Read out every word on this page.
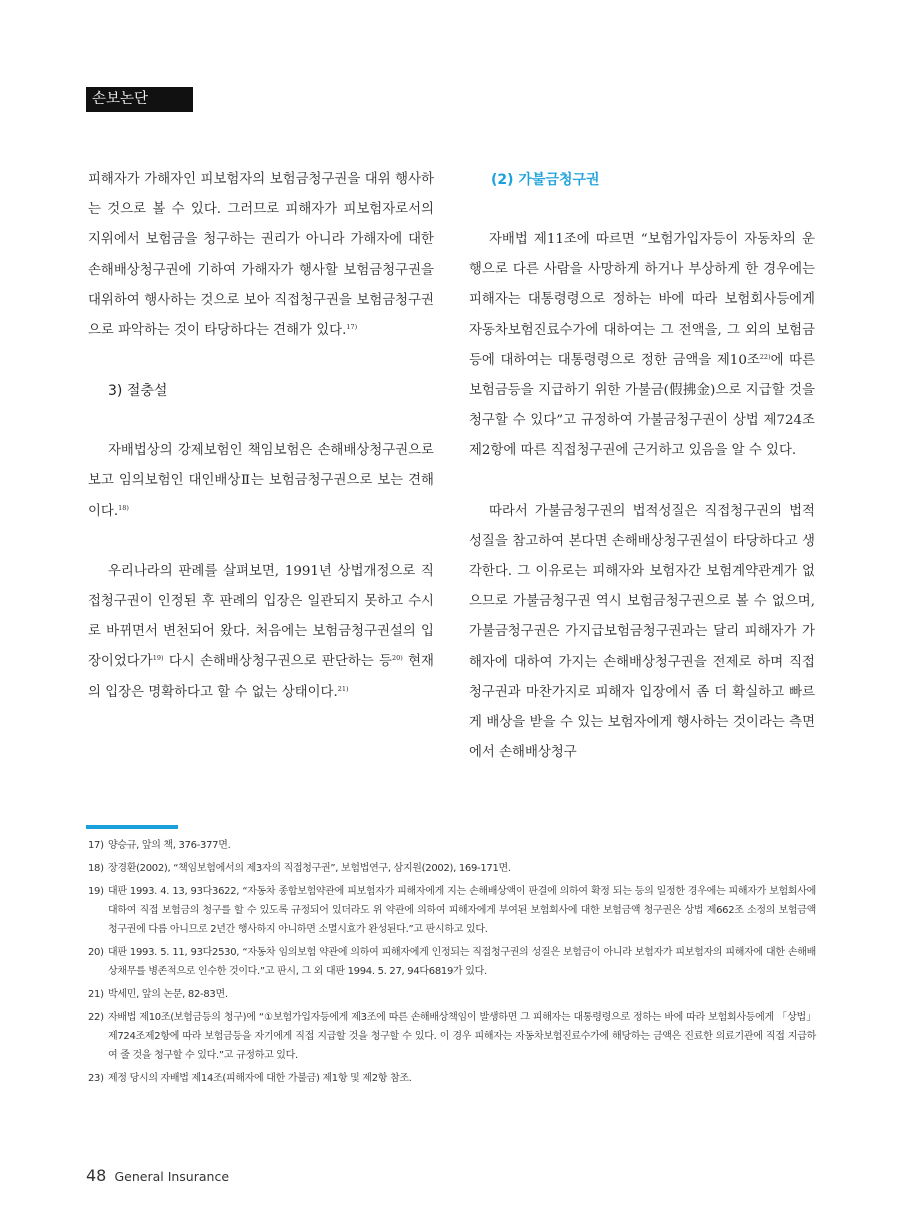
손보논단

피해자가 가해자인 피보험자의 보험금청구권을 대위 행사하는 것으로 볼 수 있다. 그러므로 피해자가 피보험자로서의 지위에서 보험금을 청구하는 권리가 아니라 가해자에 대한 손해배상청구권에 기하여 가해자가 행사할 보험금청구권을 대위하여 행사하는 것으로 보아 직접청구권을 보험금청구권으로 파악하는 것이 타당하다는 견해가 있다.$^{17)}$

3) 절충설

자배법상의 강제보험인 책임보험은 손해배상청구권으로 보고 임의보험인 대인배상Ⅱ는 보험금청구권으로 보는 견해이다.$^{18)}$

우리나라의 판례를 살펴보면, 1991년 상법개정으로 직접청구권이 인정된 후 판례의 입장은 일관되지 못하고 수시로 바뀌면서 변천되어 왔다. 처음에는 보험금청구권설의 입장이었다가$^{19)}$ 다시 손해배상청구권으로 판단하는 등$^{20)}$ 현재의 입장은 명확하다고 할 수 없는 상태이다.$^{21)}$

(2) 가불금청구권

자배법 제11조에 따르면 “보험가입자등이 자동차의 운행으로 다른 사람을 사망하게 하거나 부상하게 한 경우에는 피해자는 대통령령으로 정하는 바에 따라 보험회사등에게 자동차보험진료수가에 대하여는 그 전액을, 그 외의 보험금등에 대하여는 대통령령으로 정한 금액을 제10조$^{22)}$에 따른 보험금등을 지급하기 위한 가불금(假拂金)으로 지급할 것을 청구할 수 있다”고 규정하여 가불금청구권이 상법 제724조 제2항에 따른 직접청구권에 근거하고 있음을 알 수 있다.

따라서 가불금청구권의 법적성질은 직접청구권의 법적성질을 참고하여 본다면 손해배상청구권설이 타당하다고 생각한다. 그 이유로는 피해자와 보험자간 보험계약관계가 없으므로 가불금청구권 역시 보험금청구권으로 볼 수 없으며, 가불금청구권은 가지급보험금청구권과는 달리 피해자가 가해자에 대하여 가지는 손해배상청구권을 전제로 하며 직접청구권과 마찬가지로 피해자 입장에서 좀 더 확실하고 빠르게 배상을 받을 수 있는 보험자에게 행사하는 것이라는 측면에서 손해배상청구

17) 양승규, 앞의 책, 376-377면.
18) 장경환(2002), “책임보험에서의 제3자의 직접청구권”, 보험법연구, 삼지원(2002), 169-171면.
19) 대판 1993. 4. 13, 93다3622, “자동차 종합보험약관에 피보험자가 피해자에게 지는 손해배상액이 판결에 의하여 확정 되는 등의 일정한 경우에는 피해자가 보험회사에 대하여 직접 보험금의 청구를 할 수 있도록 규정되어 있더라도 위 약관에 의하여 피해자에게 부여된 보험회사에 대한 보험금액 청구권은 상법 제662조 소정의 보험금액 청구권에 다름 아니므로 2년간 행사하지 아니하면 소멸시효가 완성된다.”고 판시하고 있다.
20) 대판 1993. 5. 11, 93다2530, “자동차 임의보험 약관에 의하여 피해자에게 인정되는 직접청구권의 성질은 보험금이 아니라 보험자가 피보험자의 피해자에 대한 손해배상채무를 병존적으로 인수한 것이다.”고 판시, 그 외 대판 1994. 5. 27, 94다6819가 있다.
21) 박세민, 앞의 논문, 82-83면.
22) 자배법 제10조(보험금등의 청구)에 “①보험가입자등에게 제3조에 따른 손해배상책임이 발생하면 그 피해자는 대통령령으로 정하는 바에 따라 보험회사등에게 「상법」 제724조제2항에 따라 보험금등을 자기에게 직접 지급할 것을 청구할 수 있다. 이 경우 피해자는 자동차보험진료수가에 해당하는 금액은 진료한 의료기관에 직접 지급하여 줄 것을 청구할 수 있다.”고 규정하고 있다.
23) 제정 당시의 자배법 제14조(피해자에 대한 가불금) 제1항 및 제2항 참조.
48 General Insurance
